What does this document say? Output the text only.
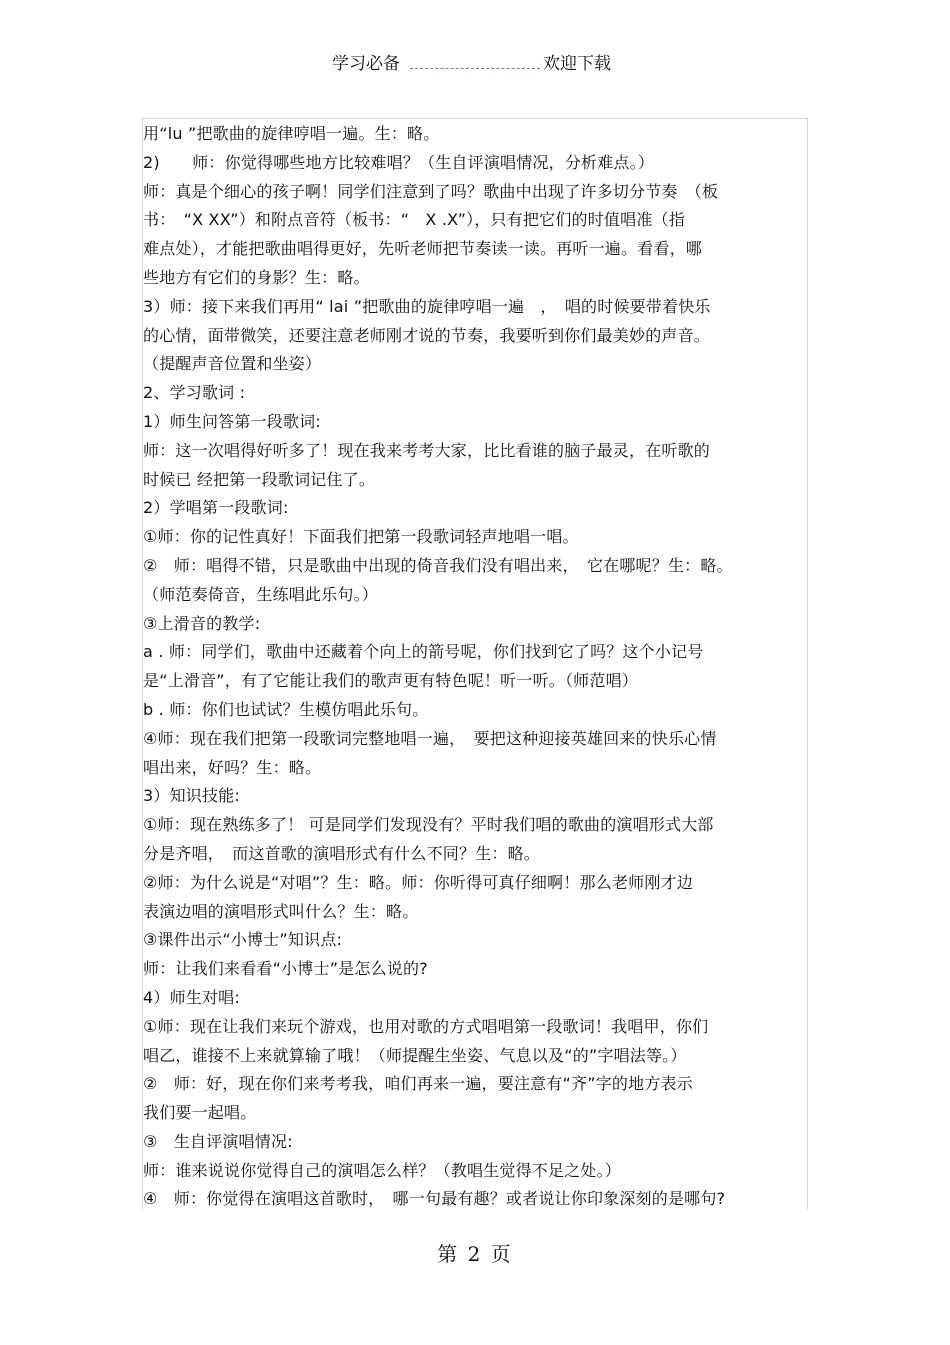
学习必备	欢迎下载
用“lu ”把歌曲的旋律哼唱一遍。生：略。
2)　　师：你觉得哪些地方比较难唱？（生自评演唱情况，分析难点。）
师：真是个细心的孩子啊！同学们注意到了吗？歌曲中出现了许多切分节奏　（板
书：　“X XX”）和附点音符（板书：“　X .X”），只有把它们的时值唱准（指
难点处），才能把歌曲唱得更好，先听老师把节奏读一读。再听一遍。看看，哪
些地方有它们的身影？生：略。
3）师：接下来我们再用“ lai ”把歌曲的旋律哼唱一遍　，　唱的时候要带着快乐
的心情，面带微笑，还要注意老师刚才说的节奏，我要听到你们最美妙的声音。
（提醒声音位置和坐姿）
2、学习歌词 :
1）师生问答第一段歌词:
师：这一次唱得好听多了！现在我来考考大家，比比看谁的脑子最灵，在听歌的
时候已 经把第一段歌词记住了。
2）学唱第一段歌词:
①师：你的记性真好！下面我们把第一段歌词轻声地唱一唱。
②　师：唱得不错，只是歌曲中出现的倚音我们没有唱出来，　它在哪呢？生：略。
（师范奏倚音，生练唱此乐句。）
③上滑音的教学:
a . 师：同学们，歌曲中还藏着个向上的箭号呢，你们找到它了吗？这个小记号
是“上滑音”，有了它能让我们的歌声更有特色呢！听一听。（师范唱）
b . 师：你们也试试？生模仿唱此乐句。
④师：现在我们把第一段歌词完整地唱一遍，　要把这种迎接英雄回来的快乐心情
唱出来，好吗？生：略。
3）知识技能:
①师：现在熟练多了！ 可是同学们发现没有？平时我们唱的歌曲的演唱形式大部
分是齐唱，　而这首歌的演唱形式有什么不同？生：略。
②师：为什么说是“对唱”？生：略。师：你听得可真仔细啊！那么老师刚才边
表演边唱的演唱形式叫什么？生：略。
③课件出示“小博士”知识点:
师：让我们来看看“小博士”是怎么说的?
4）师生对唱:
①师：现在让我们来玩个游戏，也用对歌的方式唱唱第一段歌词！我唱甲，你们
唱乙，谁接不上来就算输了哦！（师提醒生坐姿、气息以及“的”字唱法等。）
②　师：好，现在你们来考考我，咱们再来一遍，要注意有“齐”字的地方表示
我们要一起唱。
③　生自评演唱情况:
师：谁来说说你觉得自己的演唱怎么样？（教唱生觉得不足之处。）
④　师：你觉得在演唱这首歌时，　哪一句最有趣？或者说让你印象深刻的是哪句?
第 2 页
